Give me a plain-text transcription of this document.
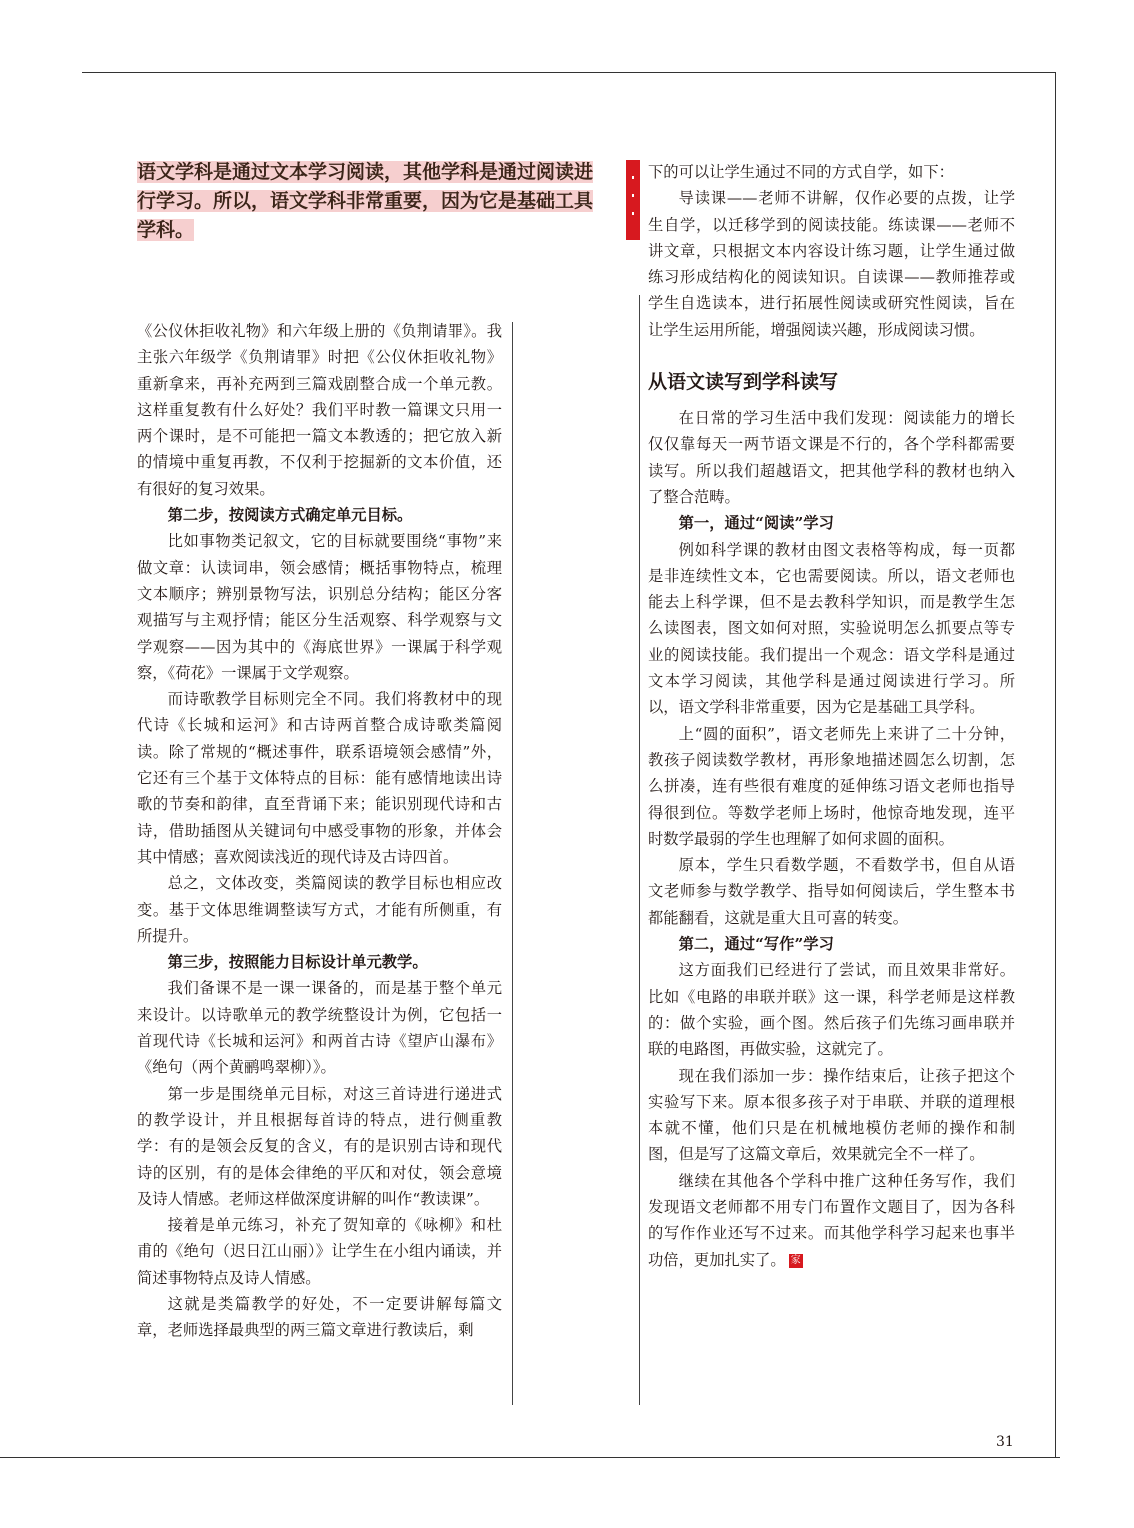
语文学科是通过文本学习阅读，其他学科是通过阅读进行学习。所以，语文学科非常重要，因为它是基础工具学科。

《公仪休拒收礼物》和六年级上册的《负荆请罪》。我主张六年级学《负荆请罪》时把《公仪休拒收礼物》重新拿来，再补充两到三篇戏剧整合成一个单元教。这样重复教有什么好处？我们平时教一篇课文只用一两个课时，是不可能把一篇文本教透的；把它放入新的情境中重复再教，不仅利于挖掘新的文本价值，还有很好的复习效果。

第二步，按阅读方式确定单元目标。

比如事物类记叙文，它的目标就要围绕“事物”来做文章：认读词串，领会感情；概括事物特点，梳理文本顺序；辨别景物写法，识别总分结构；能区分客观描写与主观抒情；能区分生活观察、科学观察与文学观察——因为其中的《海底世界》一课属于科学观察，《荷花》一课属于文学观察。

而诗歌教学目标则完全不同。我们将教材中的现代诗《长城和运河》和古诗两首整合成诗歌类篇阅读。除了常规的“概述事件，联系语境领会感情”外，它还有三个基于文体特点的目标：能有感情地读出诗歌的节奏和韵律，直至背诵下来；能识别现代诗和古诗，借助插图从关键词句中感受事物的形象，并体会其中情感；喜欢阅读浅近的现代诗及古诗四首。

总之，文体改变，类篇阅读的教学目标也相应改变。基于文体思维调整读写方式，才能有所侧重，有所提升。

第三步，按照能力目标设计单元教学。

我们备课不是一课一课备的，而是基于整个单元来设计。以诗歌单元的教学统整设计为例，它包括一首现代诗《长城和运河》和两首古诗《望庐山瀑布》《绝句（两个黄鹂鸣翠柳）》。

第一步是围绕单元目标，对这三首诗进行递进式的教学设计，并且根据每首诗的特点，进行侧重教学：有的是领会反复的含义，有的是识别古诗和现代诗的区别，有的是体会律绝的平仄和对仗，领会意境及诗人情感。老师这样做深度讲解的叫作“教读课”。

接着是单元练习，补充了贺知章的《咏柳》和杜甫的《绝句（迟日江山丽）》让学生在小组内诵读，并简述事物特点及诗人情感。

这就是类篇教学的好处，不一定要讲解每篇文章，老师选择最典型的两三篇文章进行教读后，剩

下的可以让学生通过不同的方式自学，如下：

导读课——老师不讲解，仅作必要的点拨，让学生自学，以迁移学到的阅读技能。练读课——老师不讲文章，只根据文本内容设计练习题，让学生通过做练习形成结构化的阅读知识。自读课——教师推荐或学生自选读本，进行拓展性阅读或研究性阅读，旨在让学生运用所能，增强阅读兴趣，形成阅读习惯。

从语文读写到学科读写

在日常的学习生活中我们发现：阅读能力的增长仅仅靠每天一两节语文课是不行的，各个学科都需要读写。所以我们超越语文，把其他学科的教材也纳入了整合范畴。

第一，通过“阅读”学习

例如科学课的教材由图文表格等构成，每一页都是非连续性文本，它也需要阅读。所以，语文老师也能去上科学课，但不是去教科学知识，而是教学生怎么读图表，图文如何对照，实验说明怎么抓要点等专业的阅读技能。我们提出一个观念：语文学科是通过文本学习阅读，其他学科是通过阅读进行学习。所以，语文学科非常重要，因为它是基础工具学科。

上“圆的面积”，语文老师先上来讲了二十分钟，教孩子阅读数学教材，再形象地描述圆怎么切割，怎么拼凑，连有些很有难度的延伸练习语文老师也指导得很到位。等数学老师上场时，他惊奇地发现，连平时数学最弱的学生也理解了如何求圆的面积。

原本，学生只看数学题，不看数学书，但自从语文老师参与数学教学、指导如何阅读后，学生整本书都能翻看，这就是重大且可喜的转变。

第二，通过“写作”学习

这方面我们已经进行了尝试，而且效果非常好。比如《电路的串联并联》这一课，科学老师是这样教的：做个实验，画个图。然后孩子们先练习画串联并联的电路图，再做实验，这就完了。

现在我们添加一步：操作结束后，让孩子把这个实验写下来。原本很多孩子对于串联、并联的道理根本就不懂，他们只是在机械地模仿老师的操作和制图，但是写了这篇文章后，效果就完全不一样了。

继续在其他各个学科中推广这种任务写作，我们发现语文老师都不用专门布置作文题目了，因为各科的写作作业还写不过来。而其他学科学习起来也事半功倍，更加扎实了。 家

31
